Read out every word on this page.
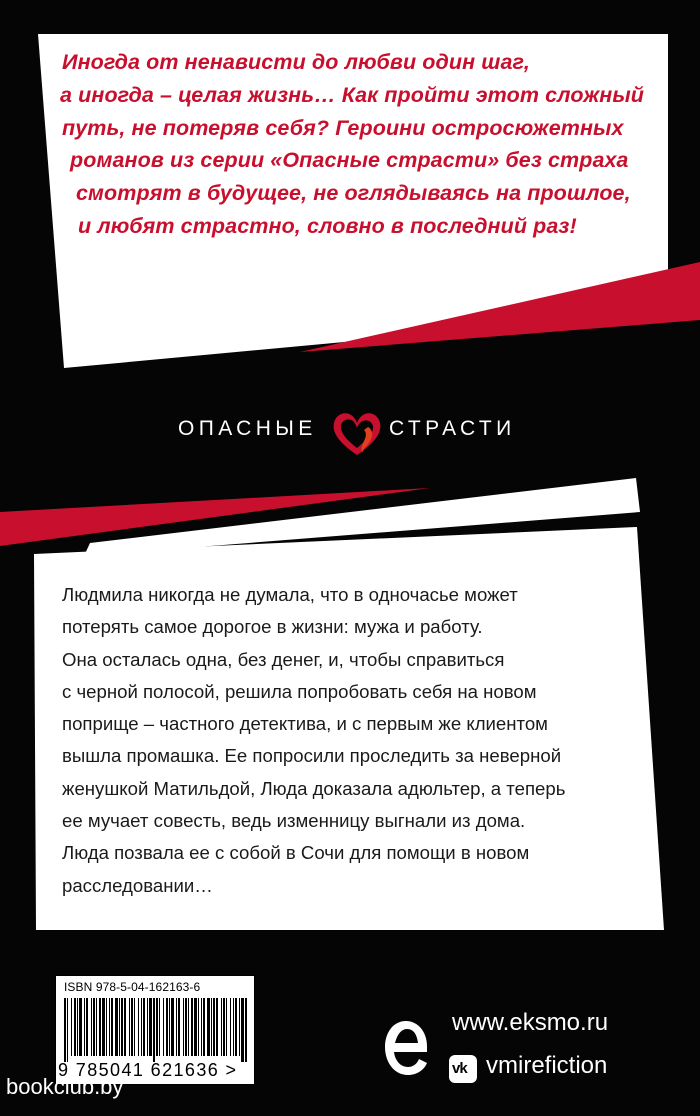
Иногда от ненависти до любви один шаг,
а иногда – целая жизнь… Как пройти этот сложный
путь, не потеряв себя? Героини остросюжетных
романов из серии «Опасные страсти» без страха
смотрят в будущее, не оглядываясь на прошлое,
и любят страстно, словно в последний раз!
ОПАСНЫЕ	СТРАСТИ
Людмила никогда не думала, что в одночасье может
потерять самое дорогое в жизни: мужа и работу.
Она осталась одна, без денег, и, чтобы справиться
с черной полосой, решила попробовать себя на новом
поприще – частного детектива, и с первым же клиентом
вышла промашка. Ее попросили проследить за неверной
женушкой Матильдой, Люда доказала адюльтер, а теперь
ее мучает совесть, ведь изменницу выгнали из дома.
Люда позвала ее с собой в Сочи для помощи в новом
расследовании…
ISBN 978-5-04-162163-6
9 785041 621636 >
www.eksmo.ru
vk vmirefiction
bookclub.by
